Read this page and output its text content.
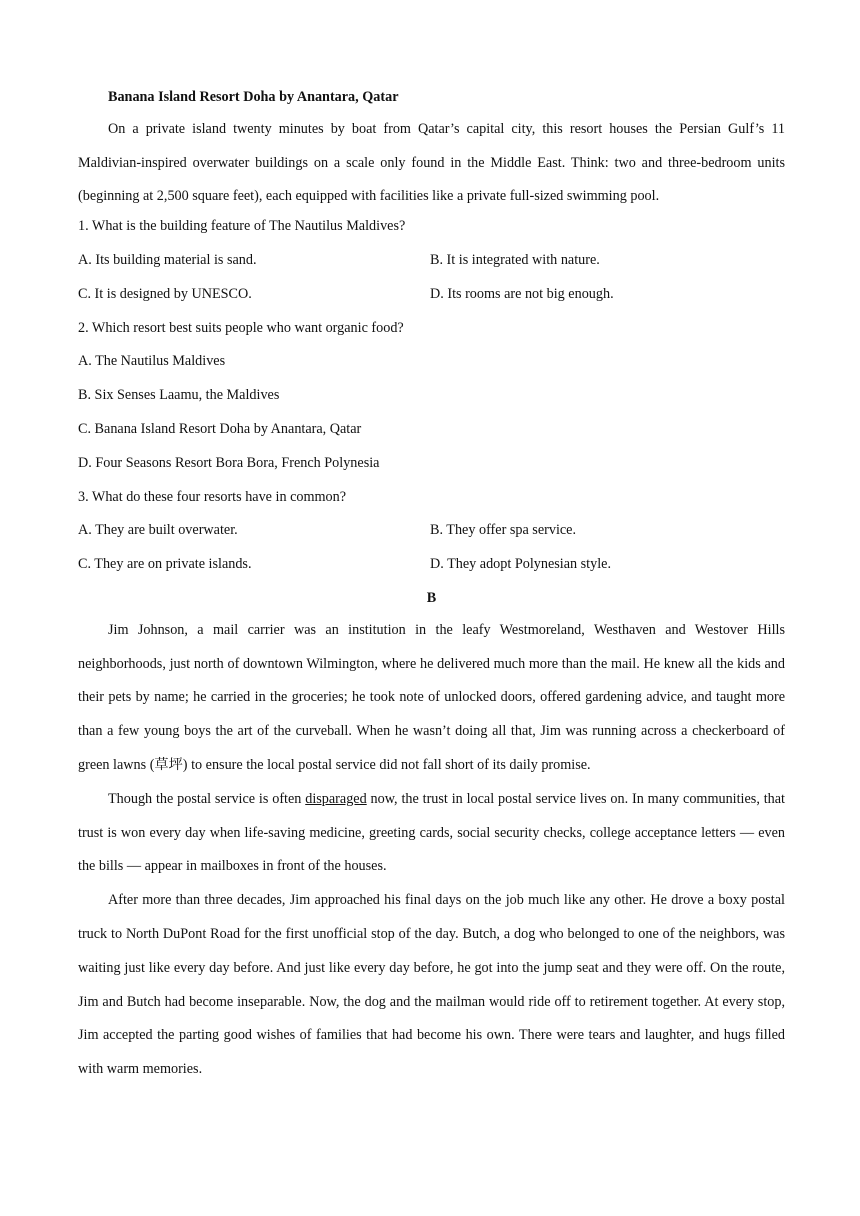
Banana Island Resort Doha by Anantara, Qatar

On a private island twenty minutes by boat from Qatar’s capital city, this resort houses the Persian Gulf’s 11 Maldivian-inspired overwater buildings on a scale only found in the Middle East. Think: two and three-bedroom units (beginning at 2,500 square feet), each equipped with facilities like a private full-sized swimming pool.

1. What is the building feature of The Nautilus Maldives?
A. Its building material is sand.	B. It is integrated with nature.
C. It is designed by UNESCO.	D. Its rooms are not big enough.
2. Which resort best suits people who want organic food?
A. The Nautilus Maldives
B. Six Senses Laamu, the Maldives
C. Banana Island Resort Doha by Anantara, Qatar
D. Four Seasons Resort Bora Bora, French Polynesia
3. What do these four resorts have in common?
A. They are built overwater.	B. They offer spa service.
C. They are on private islands.	D. They adopt Polynesian style.
B

Jim Johnson, a mail carrier was an institution in the leafy Westmoreland, Westhaven and Westover Hills neighborhoods, just north of downtown Wilmington, where he delivered much more than the mail. He knew all the kids and their pets by name; he carried in the groceries; he took note of unlocked doors, offered gardening advice, and taught more than a few young boys the art of the curveball. When he wasn’t doing all that, Jim was running across a checkerboard of green lawns (草坪) to ensure the local postal service did not fall short of its daily promise.

Though the postal service is often disparaged now, the trust in local postal service lives on. In many communities, that trust is won every day when life-saving medicine, greeting cards, social security checks, college acceptance letters — even the bills — appear in mailboxes in front of the houses.

After more than three decades, Jim approached his final days on the job much like any other. He drove a boxy postal truck to North DuPont Road for the first unofficial stop of the day. Butch, a dog who belonged to one of the neighbors, was waiting just like every day before. And just like every day before, he got into the jump seat and they were off. On the route, Jim and Butch had become inseparable. Now, the dog and the mailman would ride off to retirement together. At every stop, Jim accepted the parting good wishes of families that had become his own. There were tears and laughter, and hugs filled with warm memories.
